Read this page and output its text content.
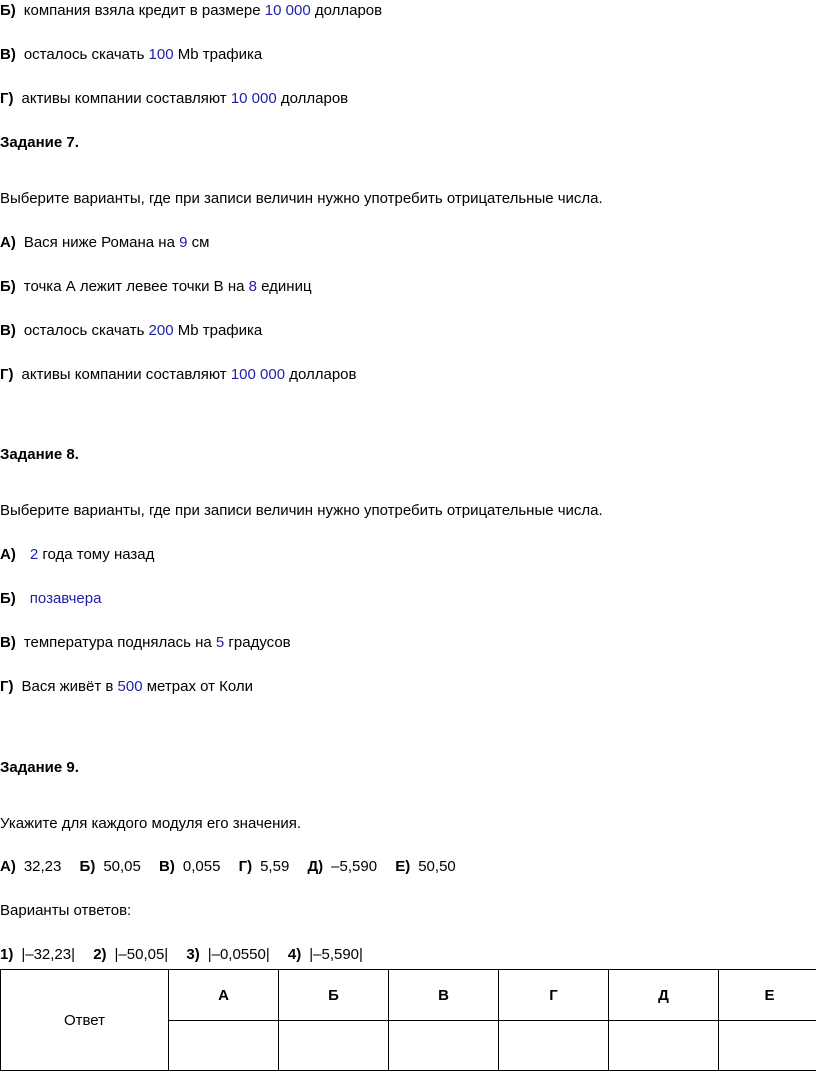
Б) компания взяла кредит в размере 10 000 долларов
В) осталось скачать 100 Mb трафика
Г) активы компании составляют 10 000 долларов
Задание 7.
Выберите варианты, где при записи величин нужно употребить отрицательные числа.
А) Вася ниже Романа на 9 см
Б) точка А лежит левее точки В на 8 единиц
В) осталось скачать 200 Mb трафика
Г) активы компании составляют 100 000 долларов
Задание 8.
Выберите варианты, где при записи величин нужно употребить отрицательные числа.
А) 2 года тому назад
Б) позавчера
В) температура поднялась на 5 градусов
Г) Вася живёт в 500 метрах от Коли
Задание 9.
Укажите для каждого модуля его значения.
А) 32,23 Б) 50,05 В) 0,055 Г) 5,59 Д) –5,590 Е) 50,50
Варианты ответов:
1) |–32,23| 2) |–50,05| 3) |–0,0550| 4) |–5,590|
Ответ	А	Б	В	Г	Д	Е
